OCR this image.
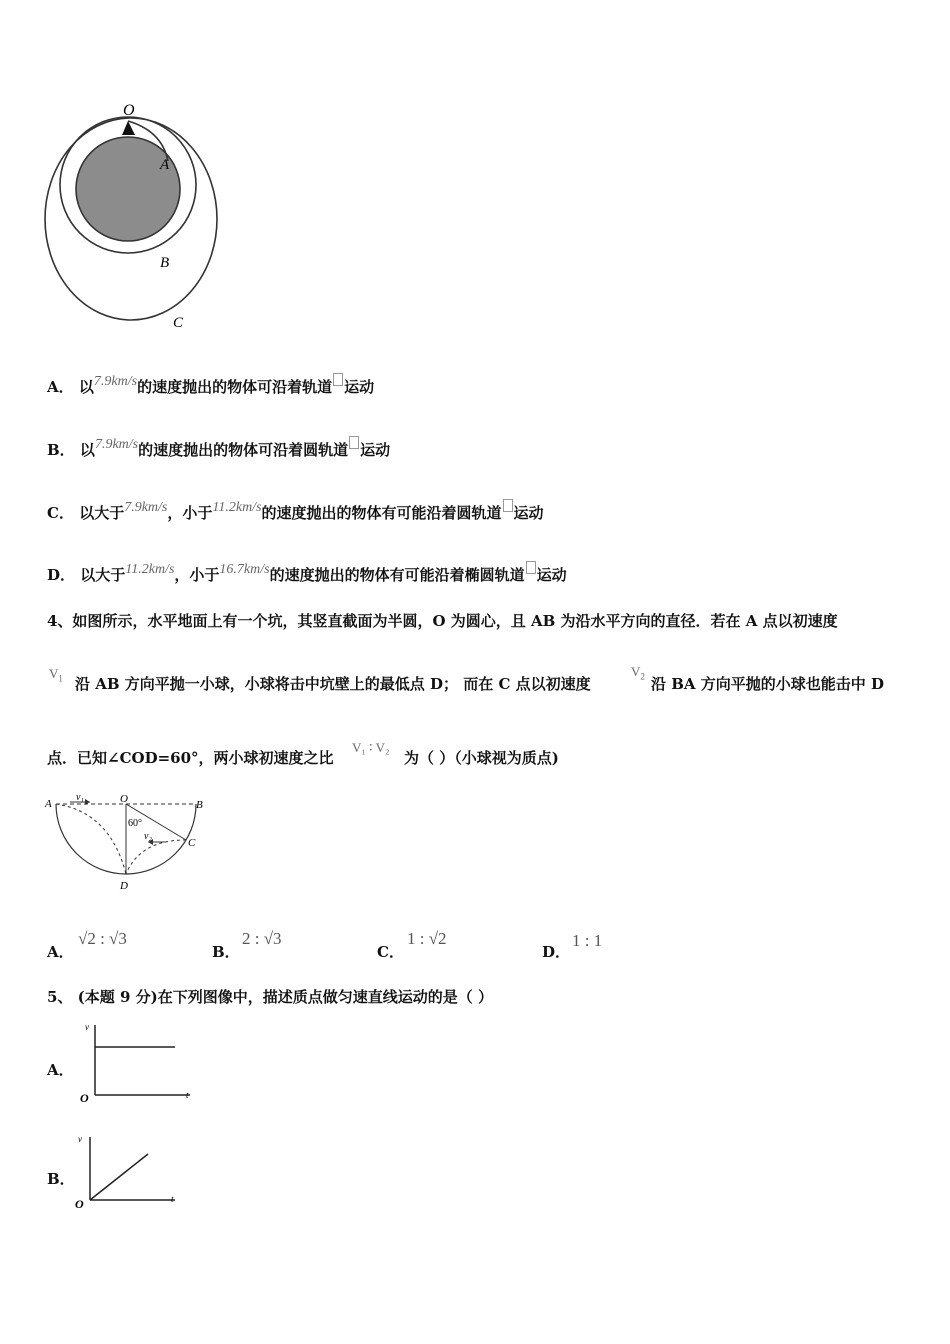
O
A
B
C
A． 以7.9km/s的速度抛出的物体可沿着轨道 运动
B． 以7.9km/s的速度抛出的物体可沿着圆轨道 运动
C． 以大于7.9km/s，小于11.2km/s的速度抛出的物体有可能沿着圆轨道 运动
D． 以大于11.2km/s，小于16.7km/s的速度抛出的物体有可能沿着椭圆轨道 运动
4、如图所示，水平地面上有一个坑，其竖直截面为半圆，O 为圆心，且 AB 为沿水平方向的直径．若在 A 点以初速度
$V_1$ 沿 AB 方向平抛一小球，小球将击中坑壁上的最低点 D； 而在 C 点以初速度
$V_2$ 沿 BA 方向平抛的小球也能击中 D
点．已知∠COD=60°，两小球初速度之比
V₁ ∶ V₂
为（ ）（小球视为质点)
A
v₁	O	B
60°
v₂
C
D
A．
√2 : √3
B．
2 : √3
C．
1 : √2
D．
1 : 1
5、 (本题 9 分)在下列图像中，描述质点做匀速直线运动的是（ ）
A．
v
t
O
B．
v
t
O
